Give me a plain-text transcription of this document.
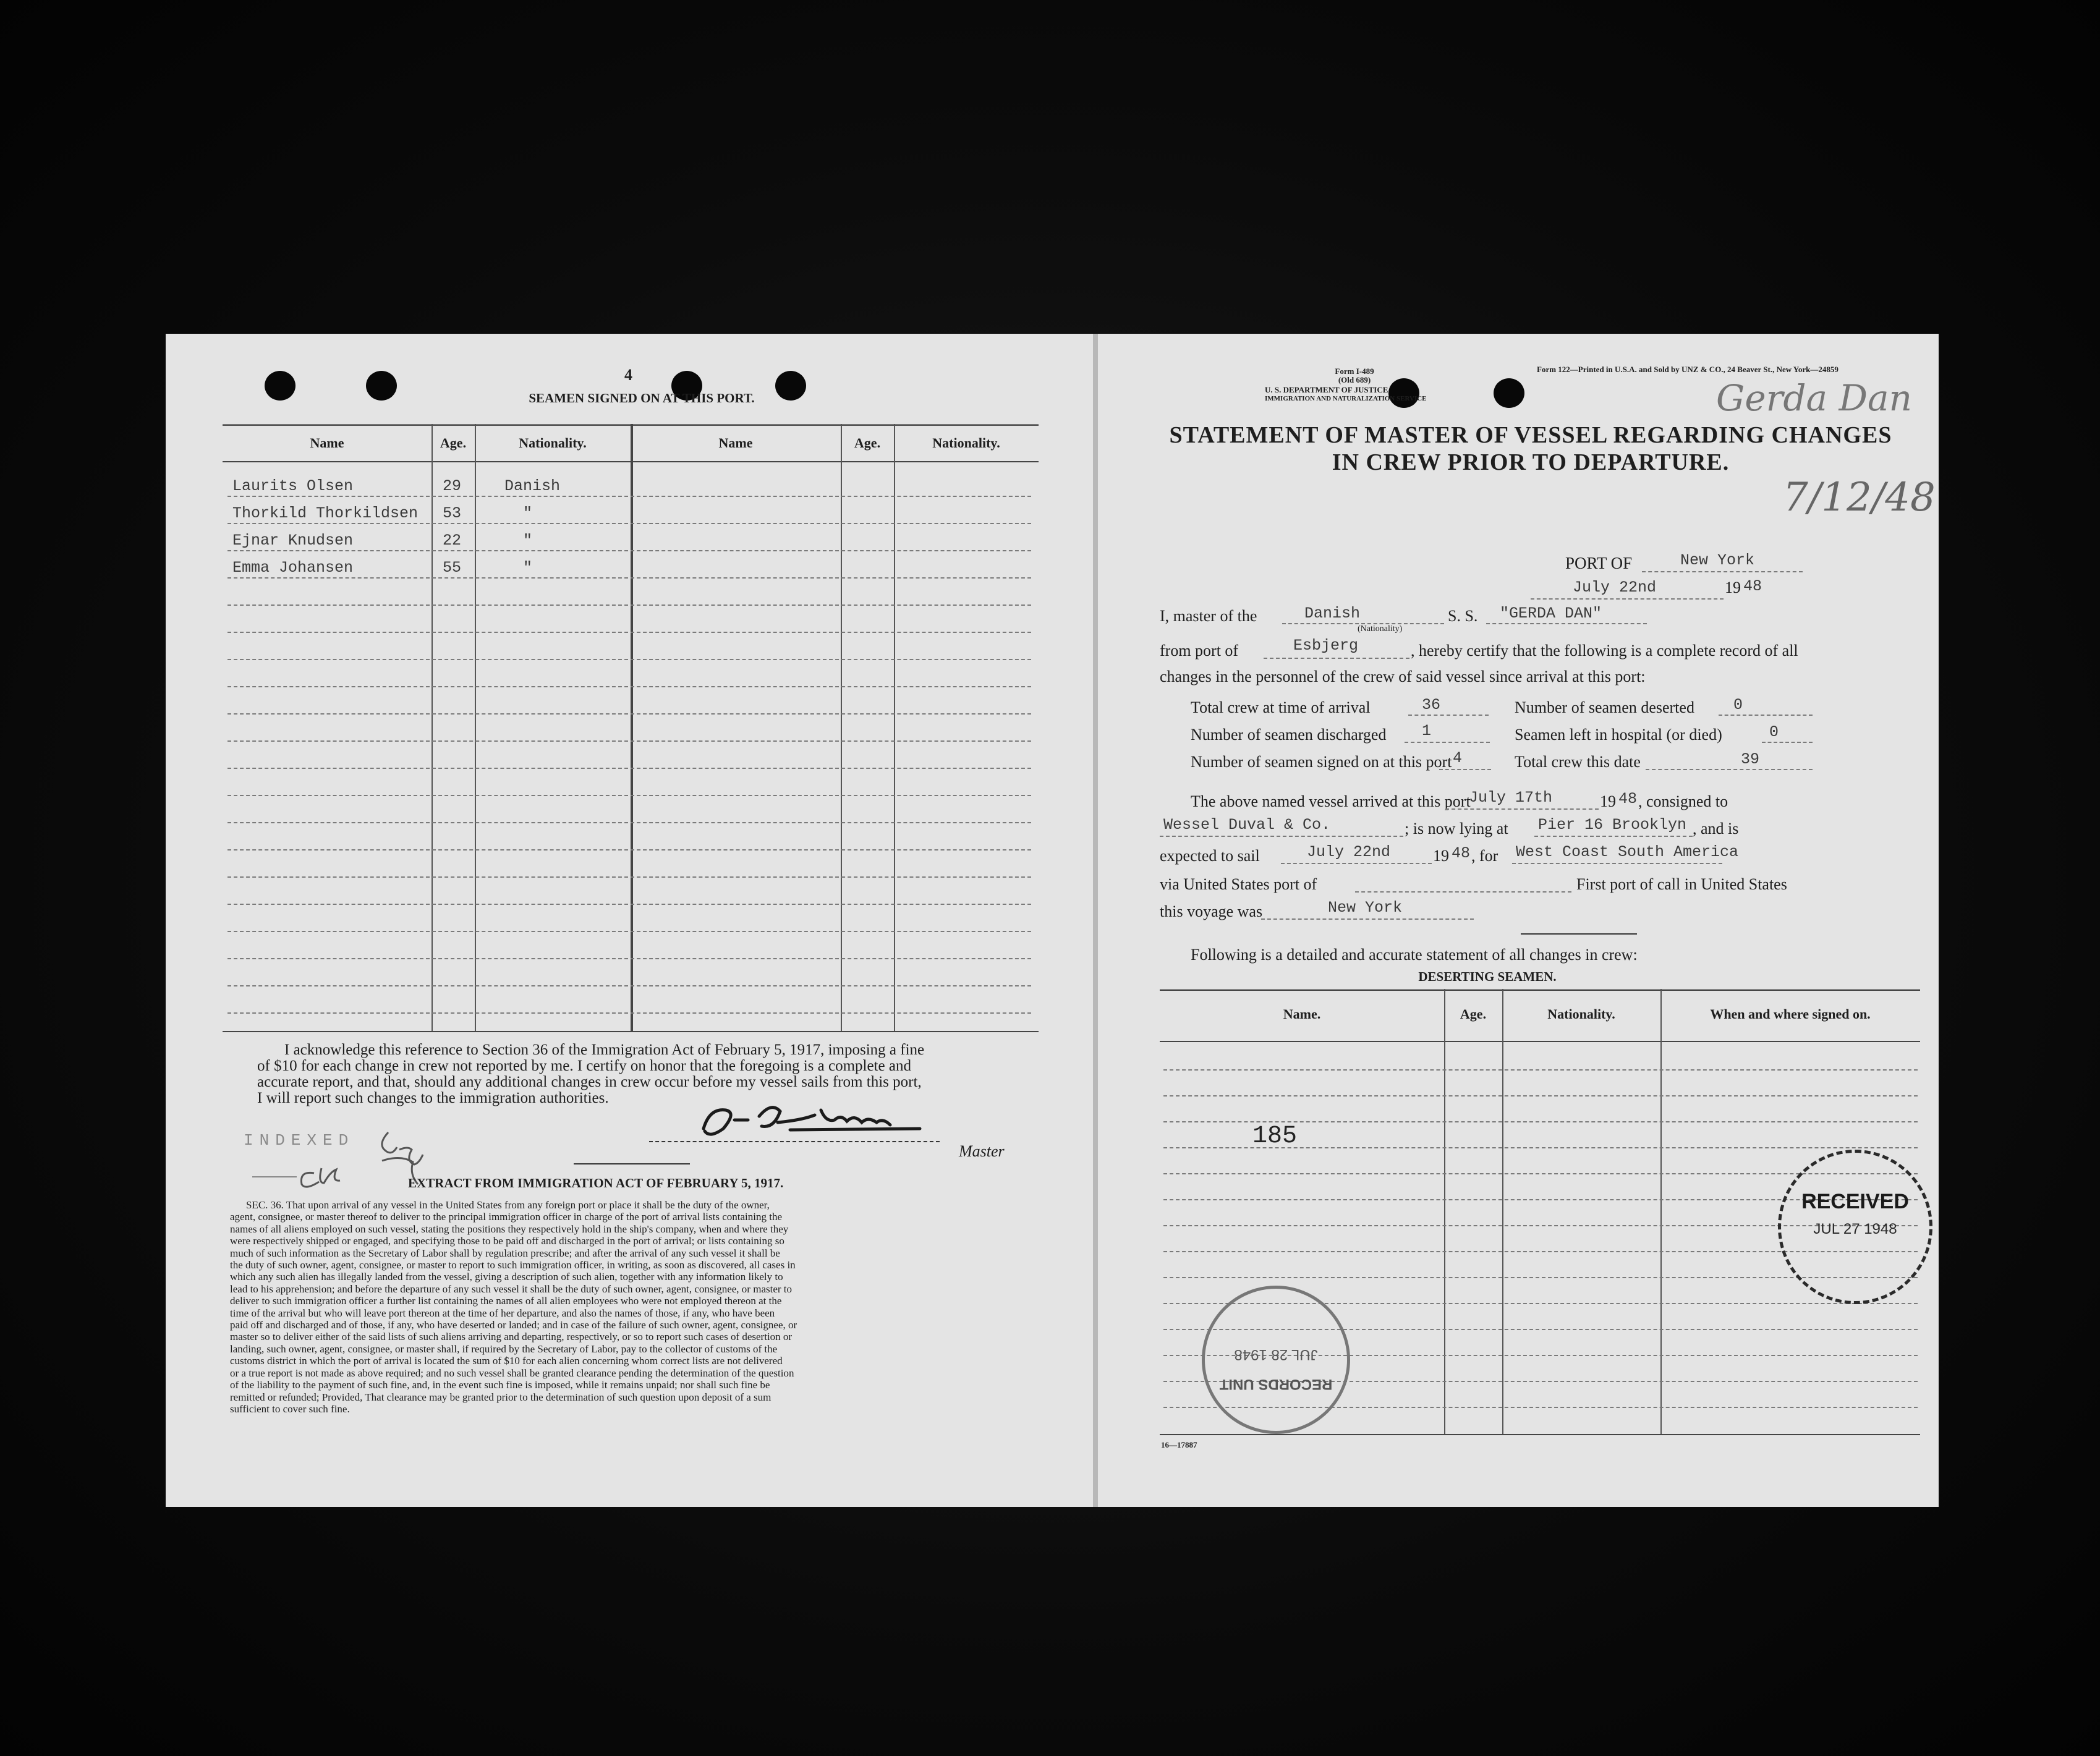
4
SEAMEN SIGNED ON AT THIS PORT.
Name	Age.	Nationality.	Name	Age.	Nationality.
Laurits Olsen	29	Danish
Thorkild Thorkildsen 53	"
Ejnar Knudsen	22	"
Emma Johansen	55	"
I acknowledge this reference to Section 36 of the Immigration Act of February 5, 1917, imposing a fine
of $10 for each change in crew not reported by me. I certify on honor that the foregoing is a complete and
accurate report, and that, should any additional changes in crew occur before my vessel sails from this port,
I will report such changes to the immigration authorities.
INDEXED
Master
EXTRACT FROM IMMIGRATION ACT OF FEBRUARY 5, 1917.
SEC. 36. That upon arrival of any vessel in the United States from any foreign port or place it shall be the duty of the owner,
agent, consignee, or master thereof to deliver to the principal immigration officer in charge of the port of arrival lists containing the
names of all aliens employed on such vessel, stating the positions they respectively hold in the ship's company, when and where they
were respectively shipped or engaged, and specifying those to be paid off and discharged in the port of arrival; or lists containing so
much of such information as the Secretary of Labor shall by regulation prescribe; and after the arrival of any such vessel it shall be
the duty of such owner, agent, consignee, or master to report to such immigration officer, in writing, as soon as discovered, all cases in
which any such alien has illegally landed from the vessel, giving a description of such alien, together with any information likely to
lead to his apprehension; and before the departure of any such vessel it shall be the duty of such owner, agent, consignee, or master to
deliver to such immigration officer a further list containing the names of all alien employees who were not employed thereon at the
time of the arrival but who will leave port thereon at the time of her departure, and also the names of those, if any, who have been
paid off and discharged and of those, if any, who have deserted or landed; and in case of the failure of such owner, agent, consignee, or
master so to deliver either of the said lists of such aliens arriving and departing, respectively, or so to report such cases of desertion or
landing, such owner, agent, consignee, or master shall, if required by the Secretary of Labor, pay to the collector of customs of the
customs district in which the port of arrival is located the sum of $10 for each alien concerning whom correct lists are not delivered
or a true report is not made as above required; and no such vessel shall be granted clearance pending the determination of the question
of the liability to the payment of such fine, and, in the event such fine is imposed, while it remains unpaid; nor shall such fine be
remitted or refunded; Provided, That clearance may be granted prior to the determination of such question upon deposit of a sum
sufficient to cover such fine.
Form I-489
(Old 689)
U. S. DEPARTMENT OF JUSTICE
IMMIGRATION AND NATURALIZATION SERVICE
Form 122—Printed in U.S.A. and Sold by UNZ & CO., 24 Beaver St., New York—24859
Gerda Dan
7/12/48
STATEMENT OF MASTER OF VESSEL REGARDING CHANGES
IN CREW PRIOR TO DEPARTURE.
PORT OF	New York
July 22nd	19 48
I, master of the	Danish
(Nationality)
S. S. "GERDA DAN"
from port of	Esbjerg	, hereby certify that the following is a complete record of all
changes in the personnel of the crew of said vessel since arrival at this port:
Total crew at time of arrival	36	Number of seamen deserted	0
Number of seamen discharged 1	Seamen left in hospital (or died)	0
Number of seamen signed on at this port 4	Total crew this date	39
The above named vessel arrived at this port
July 17th	19 48 , consigned to
Wessel Duval & Co.	; is now lying at Pier 16 Brooklyn , and is
expected to sail	July 22nd	19 48 , for West Coast South America
via United States port of	First port of call in United States
this voyage was	New York
Following is a detailed and accurate statement of all changes in crew:
DESERTING SEAMEN.
Name.	Age.	Nationality.	When and where signed on.
185
16—17887
RECEIVED
JUL 27 1948
RECORDS UNIT
JUL 28 1948
